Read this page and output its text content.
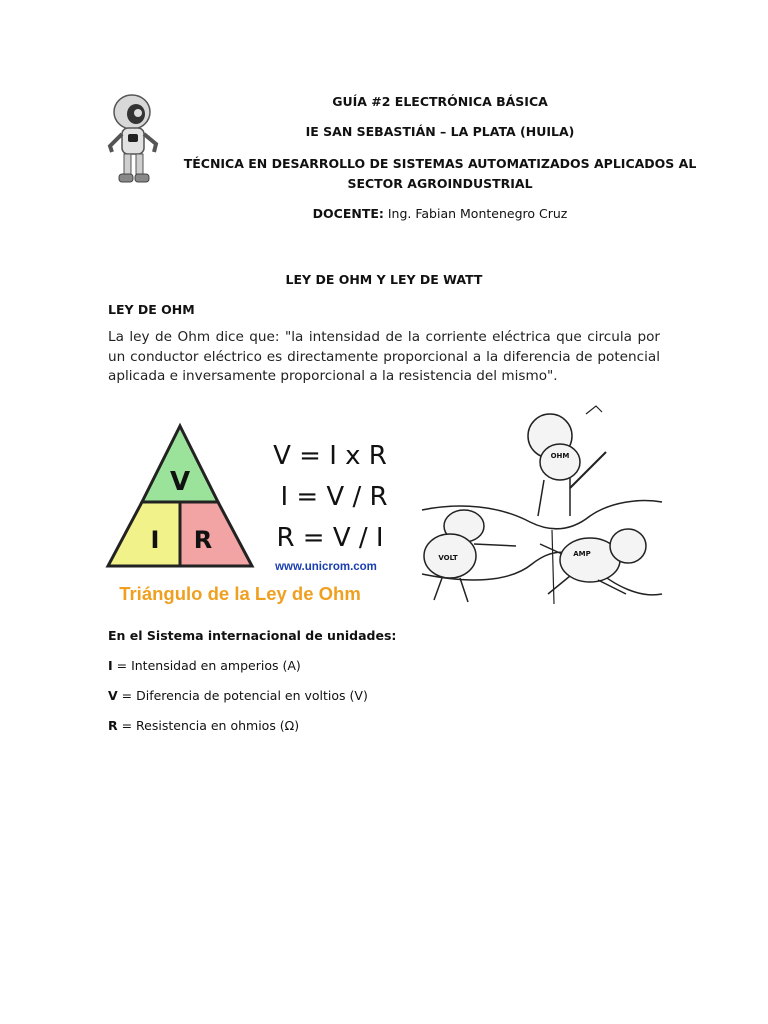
GUÍA #2 ELECTRÓNICA BÁSICA
IE SAN SEBASTIÁN – LA PLATA (HUILA)
TÉCNICA EN DESARROLLO DE SISTEMAS AUTOMATIZADOS APLICADOS AL
SECTOR AGROINDUSTRIAL
DOCENTE: Ing. Fabian Montenegro Cruz
LEY DE OHM Y LEY DE WATT
LEY DE OHM
La ley de Ohm dice que: "la intensidad de la corriente eléctrica que circula por un conductor eléctrico es directamente proporcional a la diferencia de potencial aplicada e inversamente proporcional a la resistencia del mismo".
V
I R
V = I x R
I = V / R
R = V / I
www.unicrom.com
Triángulo de la Ley de Ohm
OHM
VOLT	AMP
En el Sistema internacional de unidades:
I = Intensidad en amperios (A)
V = Diferencia de potencial en voltios (V)
R = Resistencia en ohmios (Ω)
